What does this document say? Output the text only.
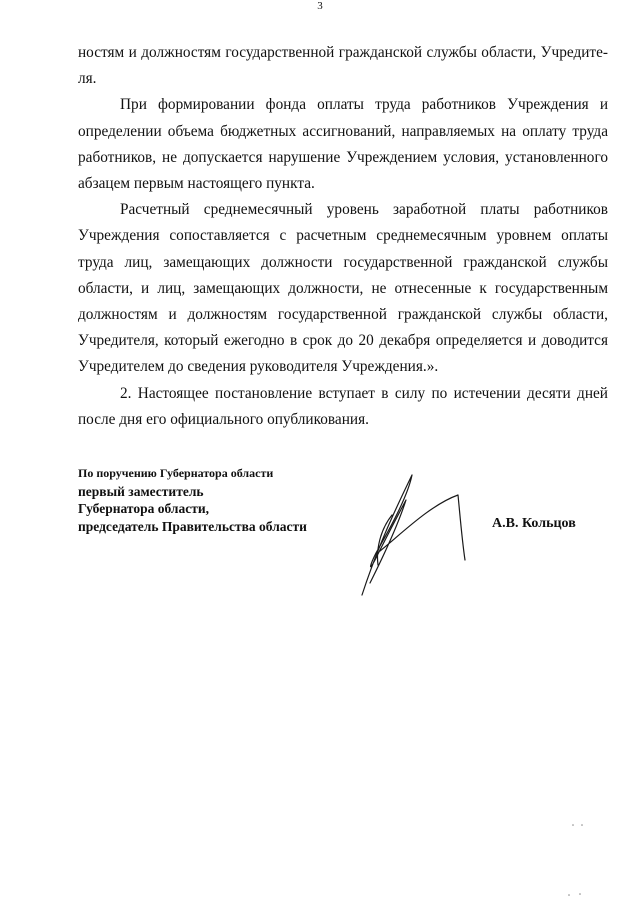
3

ностям и должностям государственной гражданской службы области, Учредите-ля.

При формировании фонда оплаты труда работников Учреждения и определении объема бюджетных ассигнований, направляемых на оплату труда работников, не допускается нарушение Учреждением условия, установленного абзацем первым настоящего пункта.

Расчетный среднемесячный уровень заработной платы работников Учреждения сопоставляется с расчетным среднемесячным уровнем оплаты труда лиц, замещающих должности государственной гражданской службы области, и лиц, замещающих должности, не отнесенные к государственным должностям и должностям государственной гражданской службы области, Учредителя, который ежегодно в срок до 20 декабря определяется и доводится Учредителем до сведения руководителя Учреждения.».

2. Настоящее постановление вступает в силу по истечении десяти дней после дня его официального опубликования.

По поручению Губернатора области
первый заместитель
Губернатора области,
председатель Правительства области	А.В. Кольцов
